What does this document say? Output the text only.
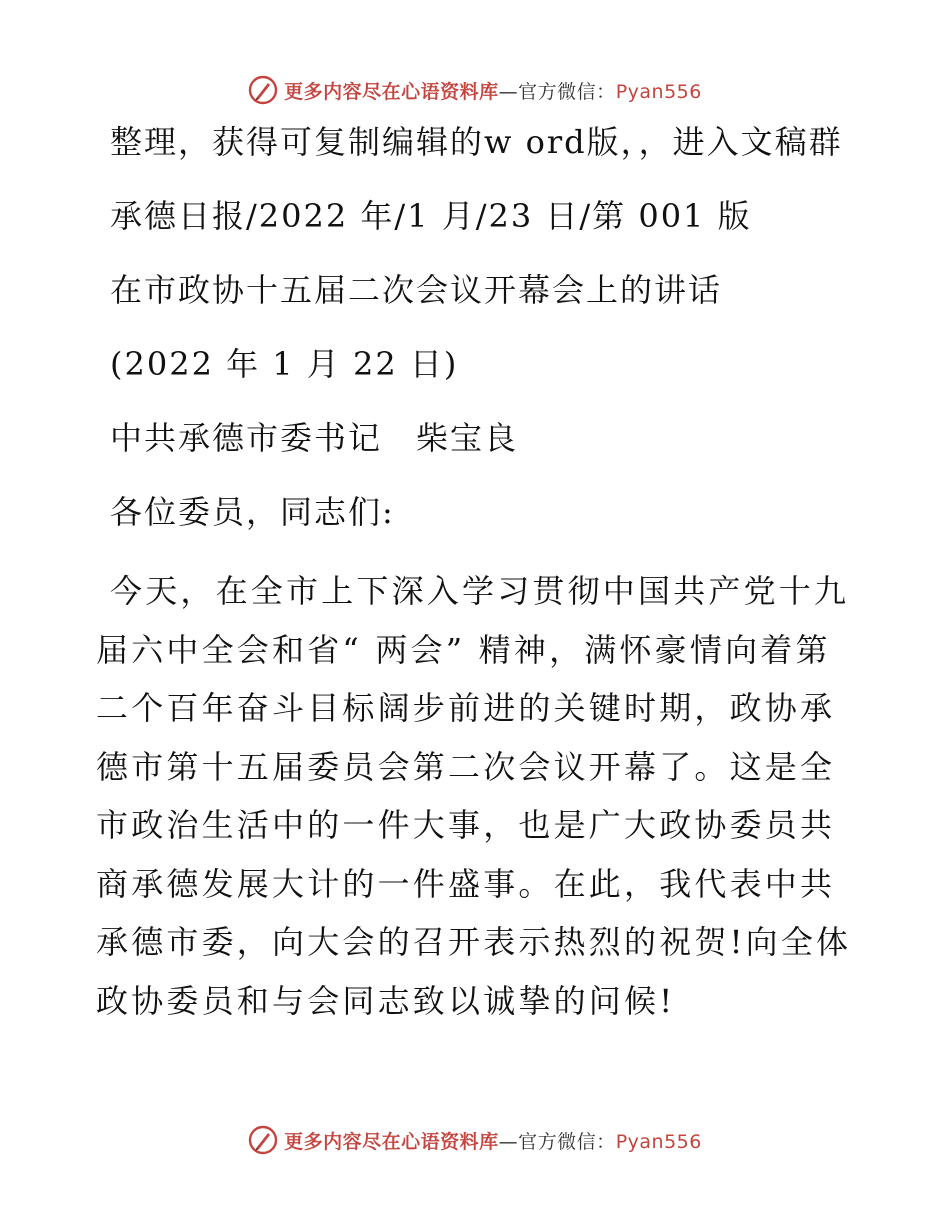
更多内容尽在心语资料库—官方微信：Pyan556

整理，获得可复制编辑的w ord版，，进入文稿群

承德日报/2022 年/1 月/23 日/第 001 版

在市政协十五届二次会议开幕会上的讲话

(2022 年 1 月 22 日)

中共承德市委书记　柴宝良

各位委员，同志们:

今天，在全市上下深入学习贯彻中国共产党十九届六中全会和省“ 两会” 精神，满怀豪情向着第二个百年奋斗目标阔步前进的关键时期，政协承德市第十五届委员会第二次会议开幕了。这是全市政治生活中的一件大事，也是广大政协委员共商承德发展大计的一件盛事。在此，我代表中共承德市委，向大会的召开表示热烈的祝贺!向全体政协委员和与会同志致以诚挚的问候!

更多内容尽在心语资料库—官方微信：Pyan556
